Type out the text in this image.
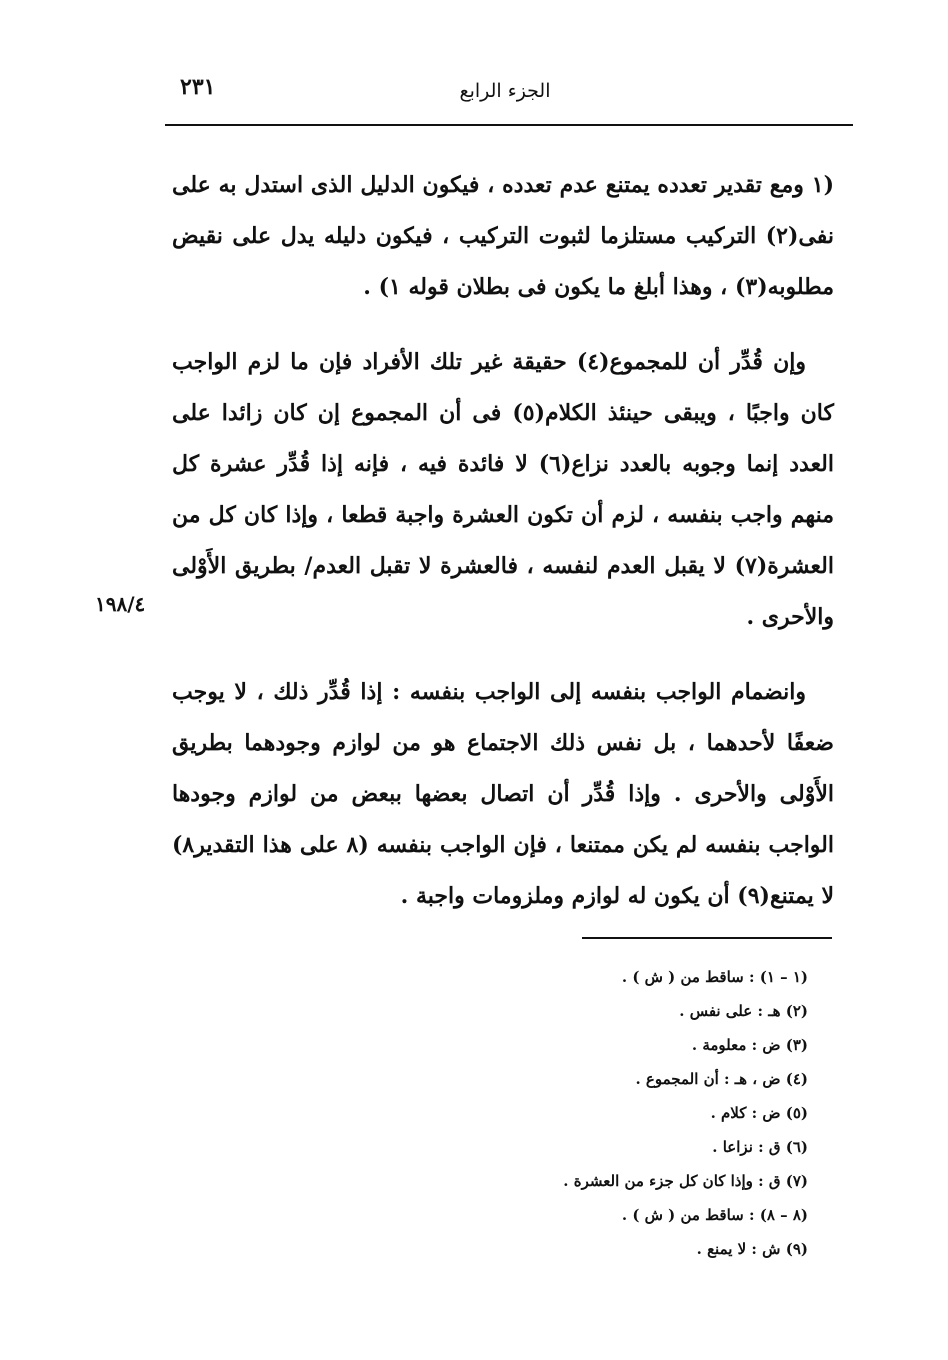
الجزء الرابع
٢٣١

(١ ومع تقدير تعدده يمتنع عدم تعدده ، فيكون الدليل الذى استدل به على نفى(٢) التركيب مستلزما لثبوت التركيب ، فيكون دليله يدل على نقيض مطلوبه(٣) ، وهذا أبلغ ما يكون فى بطلان قوله ١) .

وإن قُدِّر أن للمجموع(٤) حقيقة غير تلك الأفراد فإن ما لزم الواجب كان واجبًا ، ويبقى حينئذ الكلام(٥) فى أن المجموع إن كان زائدا على العدد إنما وجوبه بالعدد نزاع(٦) لا فائدة فيه ، فإنه إذا قُدِّر عشرة كل منهم واجب بنفسه ، لزم أن تكون العشرة واجبة قطعا ، وإذا كان كل من العشرة(٧) لا يقبل العدم لنفسه ، فالعشرة لا تقبل العدم/ بطريق الأَوْلى والأحرى .

وانضمام الواجب بنفسه إلى الواجب بنفسه : إذا قُدِّر ذلك ، لا يوجب ضعفًا لأحدهما ، بل نفس ذلك الاجتماع هو من لوازم وجودهما بطريق الأَوْلى والأحرى . وإذا قُدِّر أن اتصال بعضها ببعض من لوازم وجودها الواجب بنفسه لم يكن ممتنعا ، فإن الواجب بنفسه (٨ على هذا التقدير٨) لا يمتنع(٩) أن يكون له لوازم وملزومات واجبة .

١٩٨/٤
(١ – ١) : ساقط من ( ش ) .
(٢) هـ : على نفس .
(٣) ض : معلومة .
(٤) ض ، هـ : أن المجموع .
(٥) ض : كلام .
(٦) ق : نزاعا .
(٧) ق : وإذا كان كل جزء من العشرة .
(٨ – ٨) : ساقط من ( ش ) .
(٩) ش : لا يمنع .
